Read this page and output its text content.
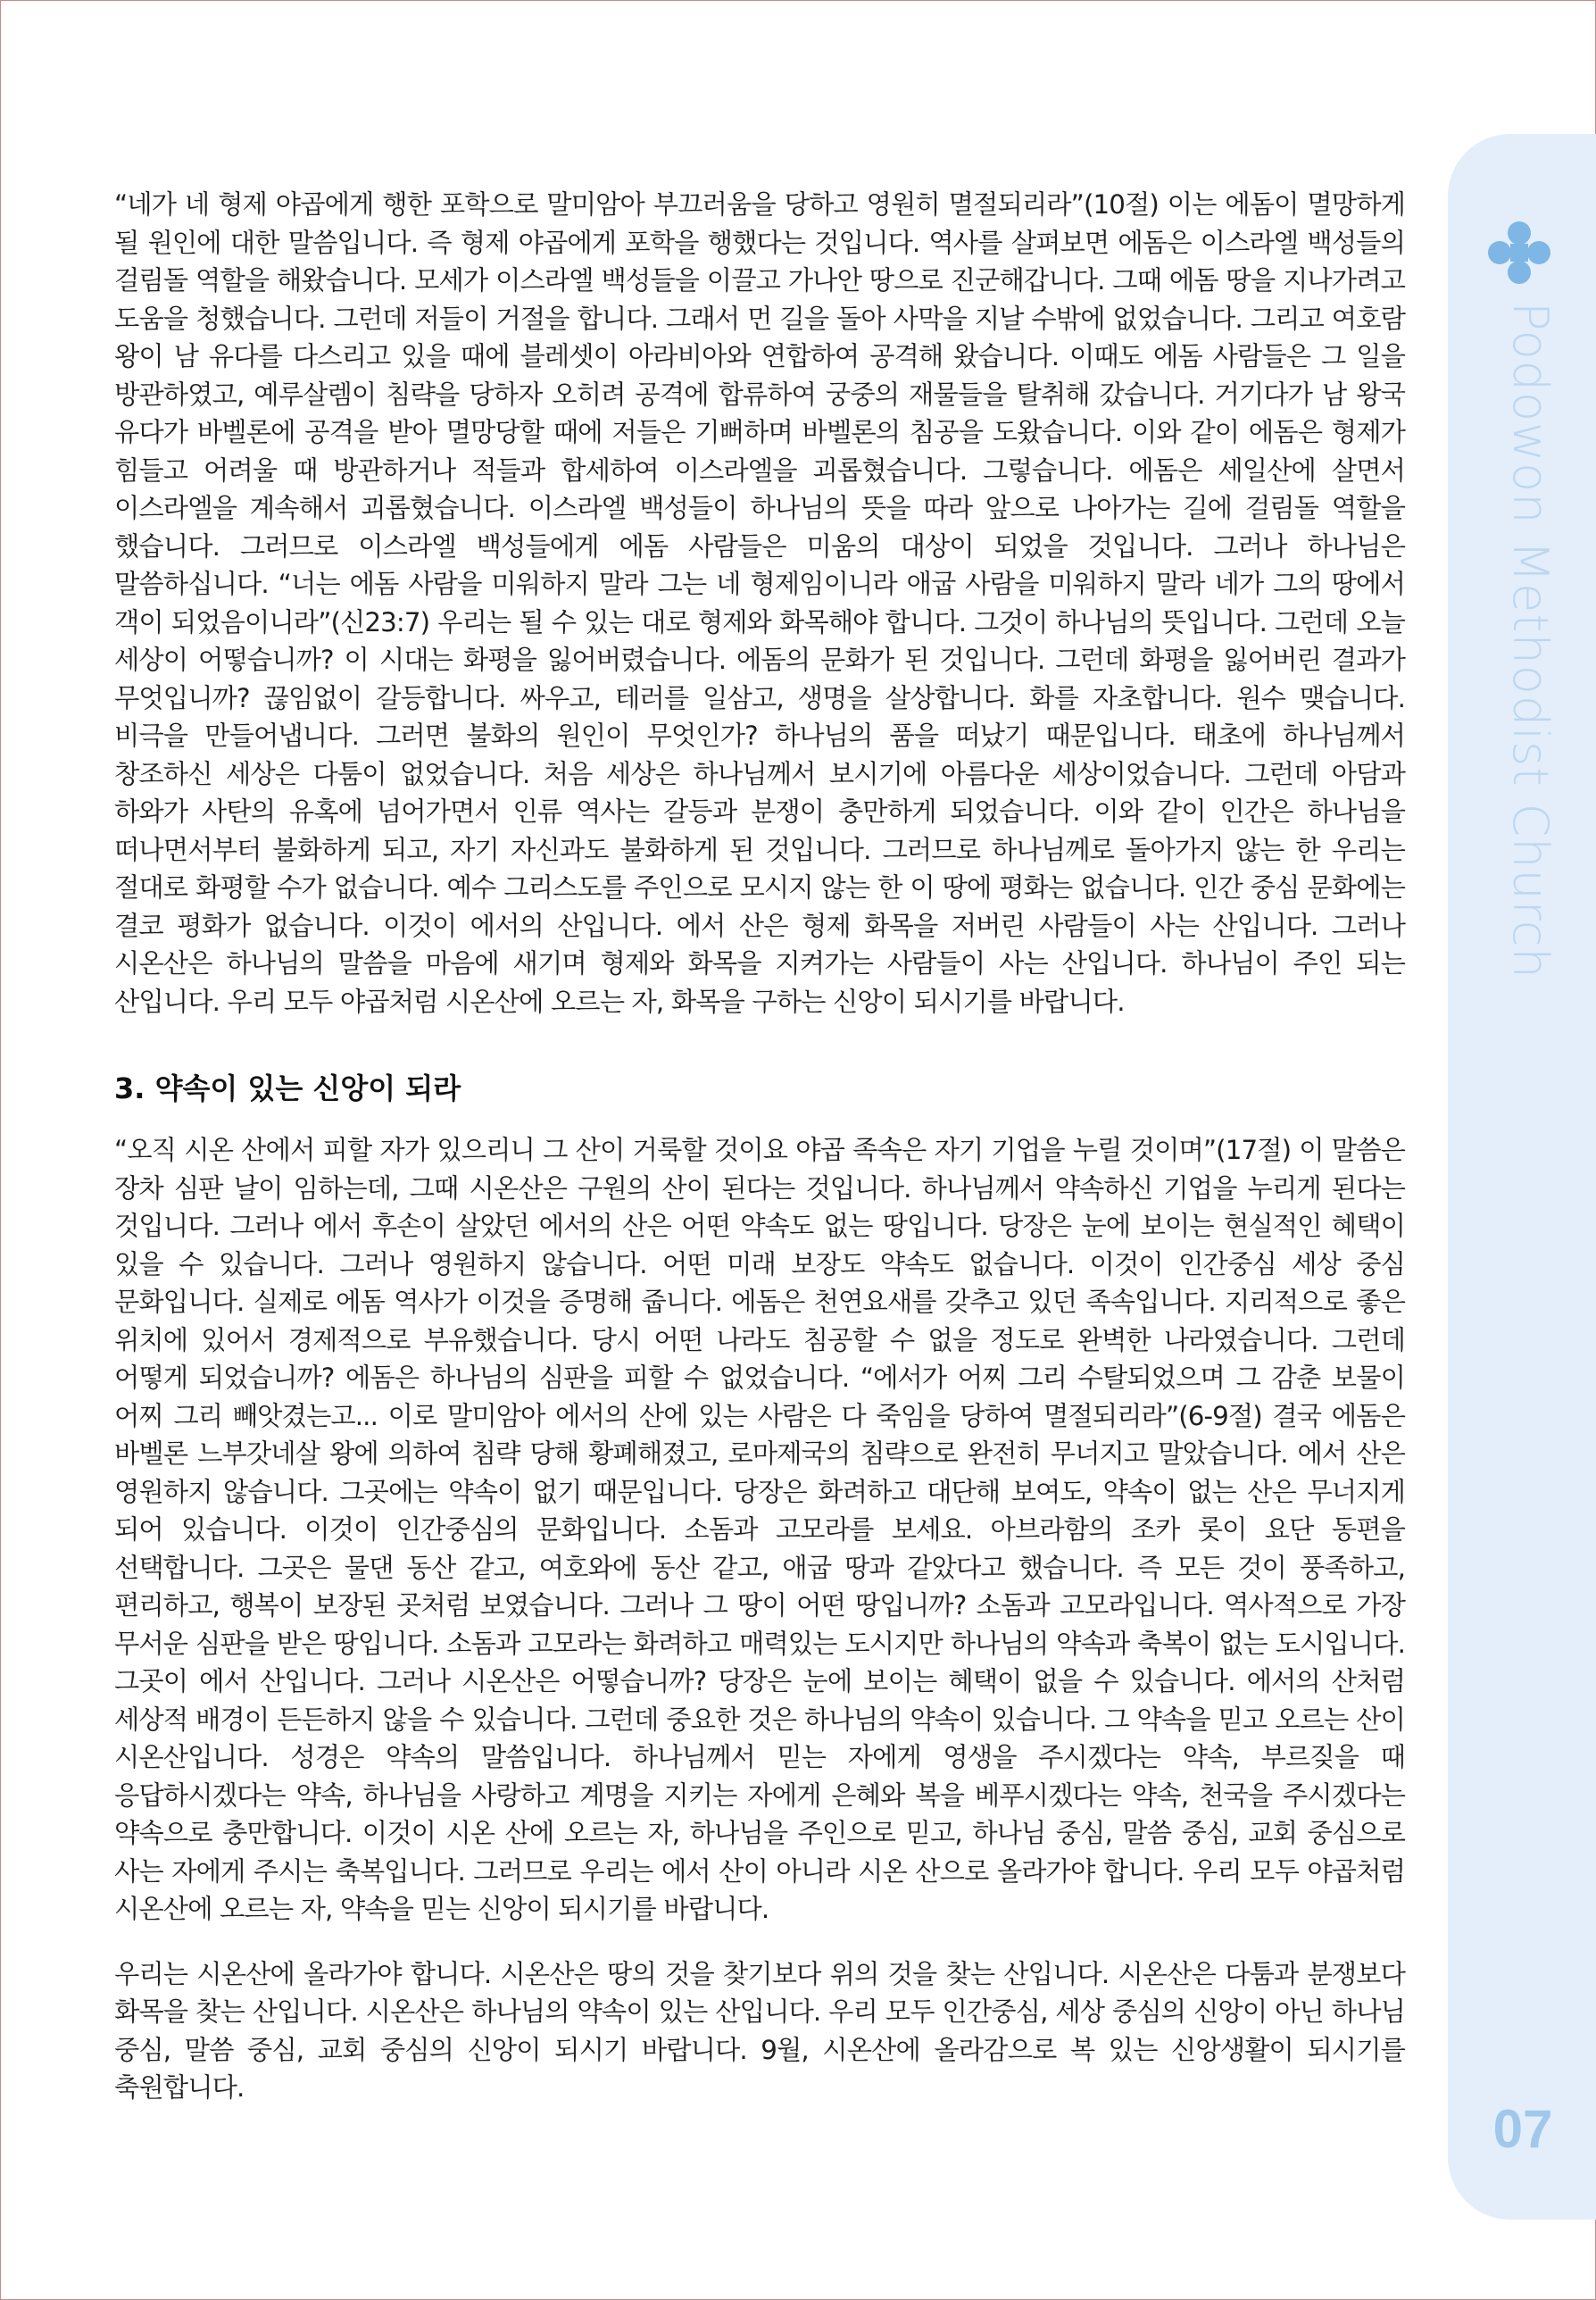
Podowon Methodist Church
07

“네가 네 형제 야곱에게 행한 포학으로 말미암아 부끄러움을 당하고 영원히 멸절되리라”(10절) 이는 에돔이 멸망하게 될 원인에 대한 말씀입니다. 즉 형제 야곱에게 포학을 행했다는 것입니다. 역사를 살펴보면 에돔은 이스라엘 백성들의 걸림돌 역할을 해왔습니다. 모세가 이스라엘 백성들을 이끌고 가나안 땅으로 진군해갑니다. 그때 에돔 땅을 지나가려고 도움을 청했습니다. 그런데 저들이 거절을 합니다. 그래서 먼 길을 돌아 사막을 지날 수밖에 없었습니다. 그리고 여호람 왕이 남 유다를 다스리고 있을 때에 블레셋이 아라비아와 연합하여 공격해 왔습니다. 이때도 에돔 사람들은 그 일을 방관하였고, 예루살렘이 침략을 당하자 오히려 공격에 합류하여 궁중의 재물들을 탈취해 갔습니다. 거기다가 남 왕국 유다가 바벨론에 공격을 받아 멸망당할 때에 저들은 기뻐하며 바벨론의 침공을 도왔습니다. 이와 같이 에돔은 형제가 힘들고 어려울 때 방관하거나 적들과 합세하여 이스라엘을 괴롭혔습니다. 그렇습니다. 에돔은 세일산에 살면서 이스라엘을 계속해서 괴롭혔습니다. 이스라엘 백성들이 하나님의 뜻을 따라 앞으로 나아가는 길에 걸림돌 역할을 했습니다. 그러므로 이스라엘 백성들에게 에돔 사람들은 미움의 대상이 되었을 것입니다. 그러나 하나님은 말씀하십니다. “너는 에돔 사람을 미워하지 말라 그는 네 형제임이니라 애굽 사람을 미워하지 말라 네가 그의 땅에서 객이 되었음이니라”(신23:7) 우리는 될 수 있는 대로 형제와 화목해야 합니다. 그것이 하나님의 뜻입니다. 그런데 오늘 세상이 어떻습니까? 이 시대는 화평을 잃어버렸습니다. 에돔의 문화가 된 것입니다. 그런데 화평을 잃어버린 결과가 무엇입니까? 끊임없이 갈등합니다. 싸우고, 테러를 일삼고, 생명을 살상합니다. 화를 자초합니다. 원수 맺습니다. 비극을 만들어냅니다. 그러면 불화의 원인이 무엇인가? 하나님의 품을 떠났기 때문입니다. 태초에 하나님께서 창조하신 세상은 다툼이 없었습니다. 처음 세상은 하나님께서 보시기에 아름다운 세상이었습니다. 그런데 아담과 하와가 사탄의 유혹에 넘어가면서 인류 역사는 갈등과 분쟁이 충만하게 되었습니다. 이와 같이 인간은 하나님을 떠나면서부터 불화하게 되고, 자기 자신과도 불화하게 된 것입니다. 그러므로 하나님께로 돌아가지 않는 한 우리는 절대로 화평할 수가 없습니다. 예수 그리스도를 주인으로 모시지 않는 한 이 땅에 평화는 없습니다. 인간 중심 문화에는 결코 평화가 없습니다. 이것이 에서의 산입니다. 에서 산은 형제 화목을 저버린 사람들이 사는 산입니다. 그러나 시온산은 하나님의 말씀을 마음에 새기며 형제와 화목을 지켜가는 사람들이 사는 산입니다. 하나님이 주인 되는 산입니다. 우리 모두 야곱처럼 시온산에 오르는 자, 화목을 구하는 신앙이 되시기를 바랍니다.

3. 약속이 있는 신앙이 되라

“오직 시온 산에서 피할 자가 있으리니 그 산이 거룩할 것이요 야곱 족속은 자기 기업을 누릴 것이며”(17절) 이 말씀은 장차 심판 날이 임하는데, 그때 시온산은 구원의 산이 된다는 것입니다. 하나님께서 약속하신 기업을 누리게 된다는 것입니다. 그러나 에서 후손이 살았던 에서의 산은 어떤 약속도 없는 땅입니다. 당장은 눈에 보이는 현실적인 혜택이 있을 수 있습니다. 그러나 영원하지 않습니다. 어떤 미래 보장도 약속도 없습니다. 이것이 인간중심 세상 중심 문화입니다. 실제로 에돔 역사가 이것을 증명해 줍니다. 에돔은 천연요새를 갖추고 있던 족속입니다. 지리적으로 좋은 위치에 있어서 경제적으로 부유했습니다. 당시 어떤 나라도 침공할 수 없을 정도로 완벽한 나라였습니다. 그런데 어떻게 되었습니까? 에돔은 하나님의 심판을 피할 수 없었습니다. “에서가 어찌 그리 수탈되었으며 그 감춘 보물이 어찌 그리 빼앗겼는고... 이로 말미암아 에서의 산에 있는 사람은 다 죽임을 당하여 멸절되리라”(6-9절) 결국 에돔은 바벨론 느부갓네살 왕에 의하여 침략 당해 황폐해졌고, 로마제국의 침략으로 완전히 무너지고 말았습니다. 에서 산은 영원하지 않습니다. 그곳에는 약속이 없기 때문입니다. 당장은 화려하고 대단해 보여도, 약속이 없는 산은 무너지게 되어 있습니다. 이것이 인간중심의 문화입니다. 소돔과 고모라를 보세요. 아브라함의 조카 롯이 요단 동편을 선택합니다. 그곳은 물댄 동산 같고, 여호와에 동산 같고, 애굽 땅과 같았다고 했습니다. 즉 모든 것이 풍족하고, 편리하고, 행복이 보장된 곳처럼 보였습니다. 그러나 그 땅이 어떤 땅입니까? 소돔과 고모라입니다. 역사적으로 가장 무서운 심판을 받은 땅입니다. 소돔과 고모라는 화려하고 매력있는 도시지만 하나님의 약속과 축복이 없는 도시입니다. 그곳이 에서 산입니다. 그러나 시온산은 어떻습니까? 당장은 눈에 보이는 혜택이 없을 수 있습니다. 에서의 산처럼 세상적 배경이 든든하지 않을 수 있습니다. 그런데 중요한 것은 하나님의 약속이 있습니다. 그 약속을 믿고 오르는 산이 시온산입니다. 성경은 약속의 말씀입니다. 하나님께서 믿는 자에게 영생을 주시겠다는 약속, 부르짖을 때 응답하시겠다는 약속, 하나님을 사랑하고 계명을 지키는 자에게 은혜와 복을 베푸시겠다는 약속, 천국을 주시겠다는 약속으로 충만합니다. 이것이 시온 산에 오르는 자, 하나님을 주인으로 믿고, 하나님 중심, 말씀 중심, 교회 중심으로 사는 자에게 주시는 축복입니다. 그러므로 우리는 에서 산이 아니라 시온 산으로 올라가야 합니다. 우리 모두 야곱처럼 시온산에 오르는 자, 약속을 믿는 신앙이 되시기를 바랍니다.

우리는 시온산에 올라가야 합니다. 시온산은 땅의 것을 찾기보다 위의 것을 찾는 산입니다. 시온산은 다툼과 분쟁보다 화목을 찾는 산입니다. 시온산은 하나님의 약속이 있는 산입니다. 우리 모두 인간중심, 세상 중심의 신앙이 아닌 하나님 중심, 말씀 중심, 교회 중심의 신앙이 되시기 바랍니다. 9월, 시온산에 올라감으로 복 있는 신앙생활이 되시기를 축원합니다.
